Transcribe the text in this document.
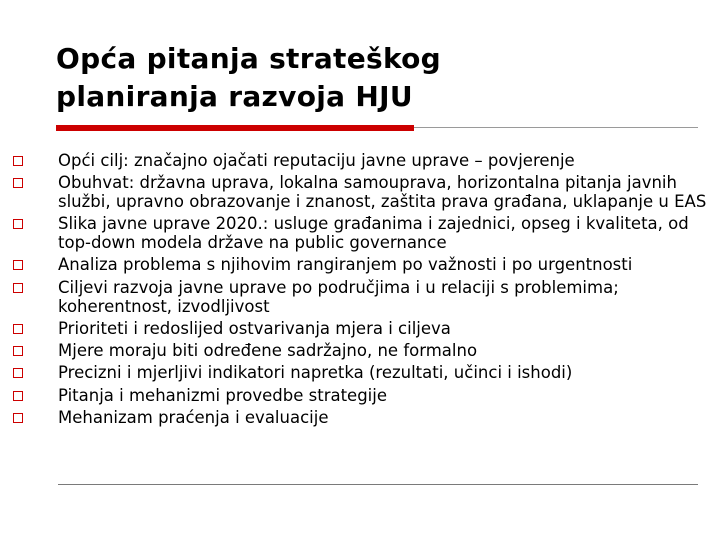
Opća pitanja strateškog
planiranja razvoja HJU
Opći cilj: značajno ojačati reputaciju javne uprave – povjerenje
Obuhvat: državna uprava, lokalna samouprava, horizontalna pitanja javnih službi, upravno obrazovanje i znanost, zaštita prava građana, uklapanje u EAS
Slika javne uprave 2020.: usluge građanima i zajednici, opseg i kvaliteta, od top-down modela države na public governance
Analiza problema s njihovim rangiranjem po važnosti i po urgentnosti
Ciljevi razvoja javne uprave po područjima i u relaciji s problemima; koherentnost, izvodljivost
Prioriteti i redoslijed ostvarivanja mjera i ciljeva
Mjere moraju biti određene sadržajno, ne formalno
Precizni i mjerljivi indikatori napretka (rezultati, učinci i ishodi)
Pitanja i mehanizmi provedbe strategije
Mehanizam praćenja i evaluacije
